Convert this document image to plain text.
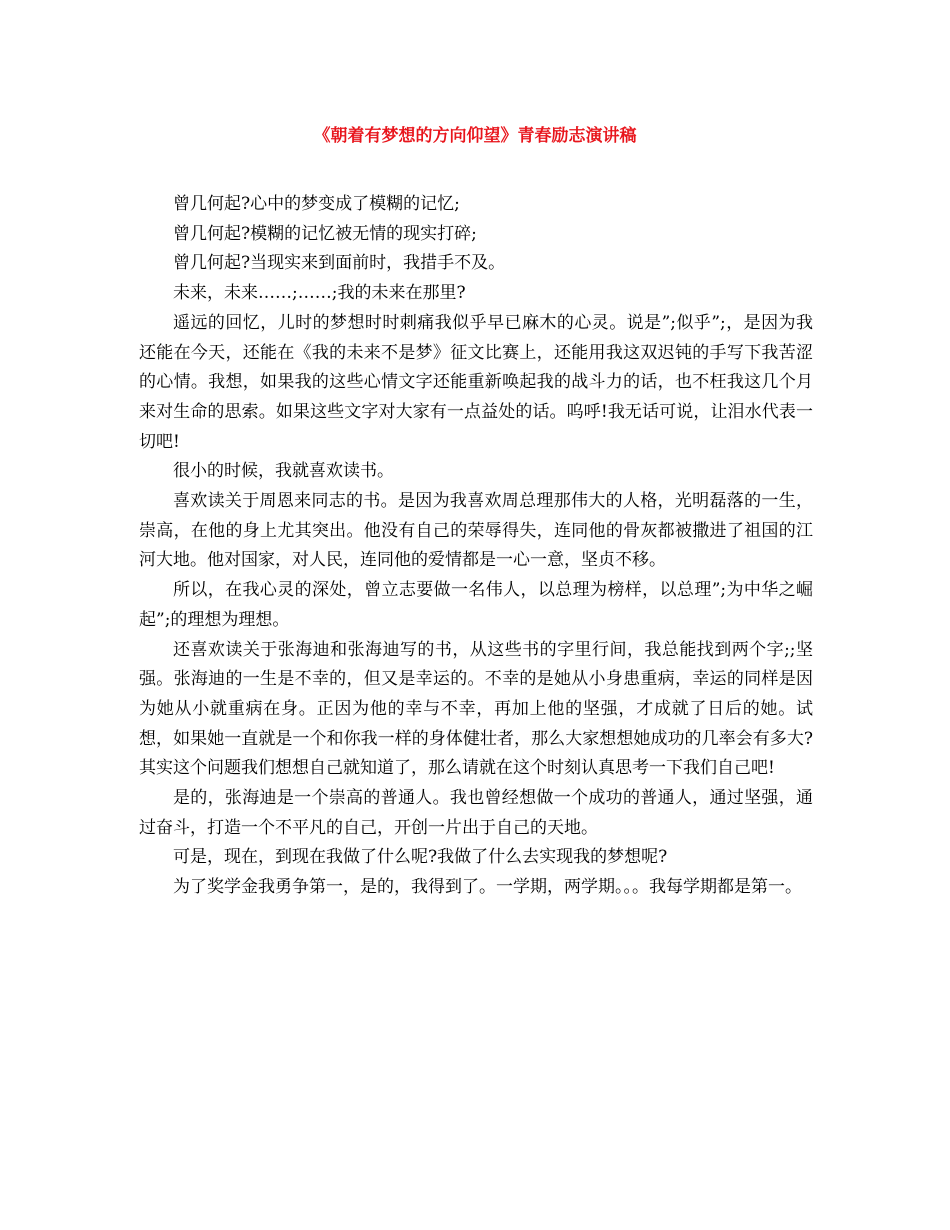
《朝着有梦想的方向仰望》青春励志演讲稿

曾几何起?心中的梦变成了模糊的记忆;

曾几何起?模糊的记忆被无情的现实打碎;

曾几何起?当现实来到面前时，我措手不及。

未来，未来……;……;我的未来在那里?

遥远的回忆，儿时的梦想时时刺痛我似乎早已麻木的心灵。说是”;似乎”;，是因为我还能在今天，还能在《我的未来不是梦》征文比赛上，还能用我这双迟钝的手写下我苦涩的心情。我想，如果我的这些心情文字还能重新唤起我的战斗力的话，也不枉我这几个月来对生命的思索。如果这些文字对大家有一点益处的话。呜呼!我无话可说，让泪水代表一切吧!

很小的时候，我就喜欢读书。

喜欢读关于周恩来同志的书。是因为我喜欢周总理那伟大的人格，光明磊落的一生，崇高，在他的身上尤其突出。他没有自己的荣辱得失，连同他的骨灰都被撒进了祖国的江河大地。他对国家，对人民，连同他的爱情都是一心一意，坚贞不移。

所以，在我心灵的深处，曾立志要做一名伟人，以总理为榜样，以总理”;为中华之崛起”;的理想为理想。

还喜欢读关于张海迪和张海迪写的书，从这些书的字里行间，我总能找到两个字;;坚强。张海迪的一生是不幸的，但又是幸运的。不幸的是她从小身患重病，幸运的同样是因为她从小就重病在身。正因为他的幸与不幸，再加上他的坚强，才成就了日后的她。试想，如果她一直就是一个和你我一样的身体健壮者，那么大家想想她成功的几率会有多大?其实这个问题我们想想自己就知道了，那么请就在这个时刻认真思考一下我们自己吧!

是的，张海迪是一个崇高的普通人。我也曾经想做一个成功的普通人，通过坚强，通过奋斗，打造一个不平凡的自己，开创一片出于自己的天地。

可是，现在，到现在我做了什么呢?我做了什么去实现我的梦想呢?

为了奖学金我勇争第一，是的，我得到了。一学期，两学期。。。我每学期都是第一。
